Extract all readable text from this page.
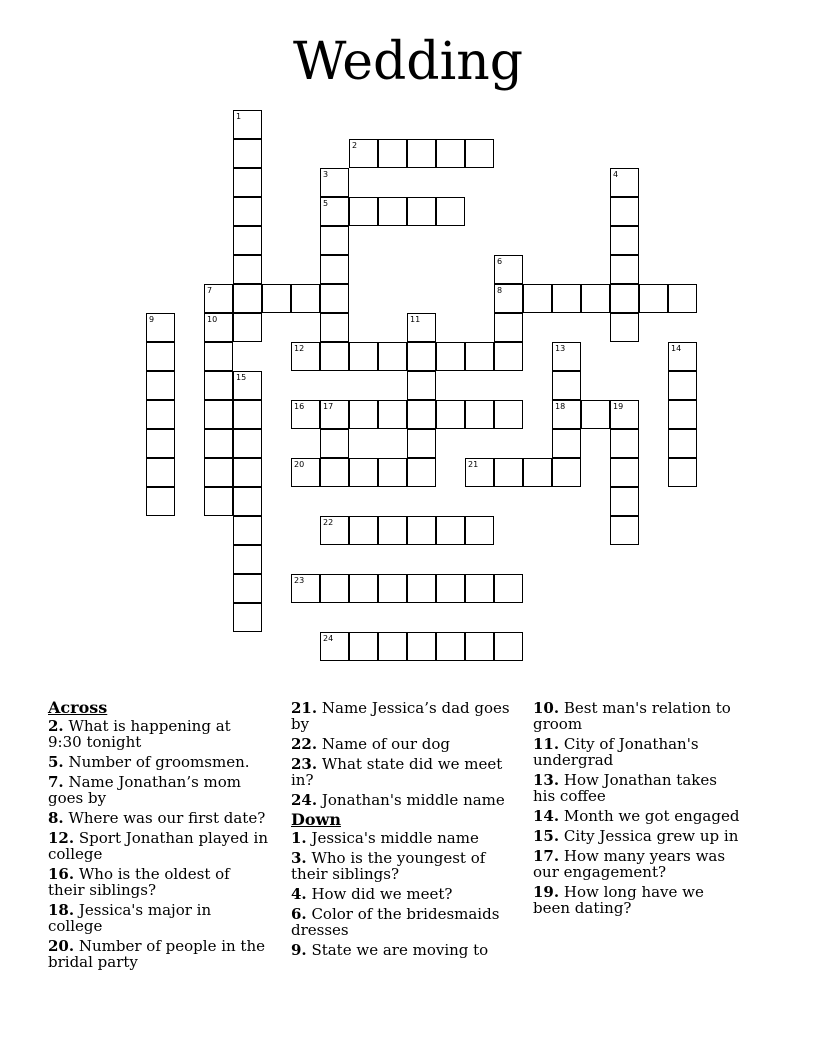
Wedding
1
2
3
5
4
6
8
7
9	10	11
12	13
18
14
15
16 17	19
20	21
22
23
24
Across
2. What is happening at 9:30 tonight
5. Number of groomsmen.
7. Name Jonathan’s mom goes by
8. Where was our first date?
12. Sport Jonathan played in college
16. Who is the oldest of their siblings?
18. Jessica's major in college
20. Number of people in the bridal party
21. Name Jessica’s dad goes by
22. Name of our dog
23. What state did we meet in?
24. Jonathan's middle name
Down
1. Jessica's middle name
3. Who is the youngest of their siblings?
4. How did we meet?
6. Color of the bridesmaids dresses
9. State we are moving to
10. Best man's relation to groom
11. City of Jonathan's undergrad
13. How Jonathan takes his coffee
14. Month we got engaged
15. City Jessica grew up in
17. How many years was our engagement?
19. How long have we been dating?
